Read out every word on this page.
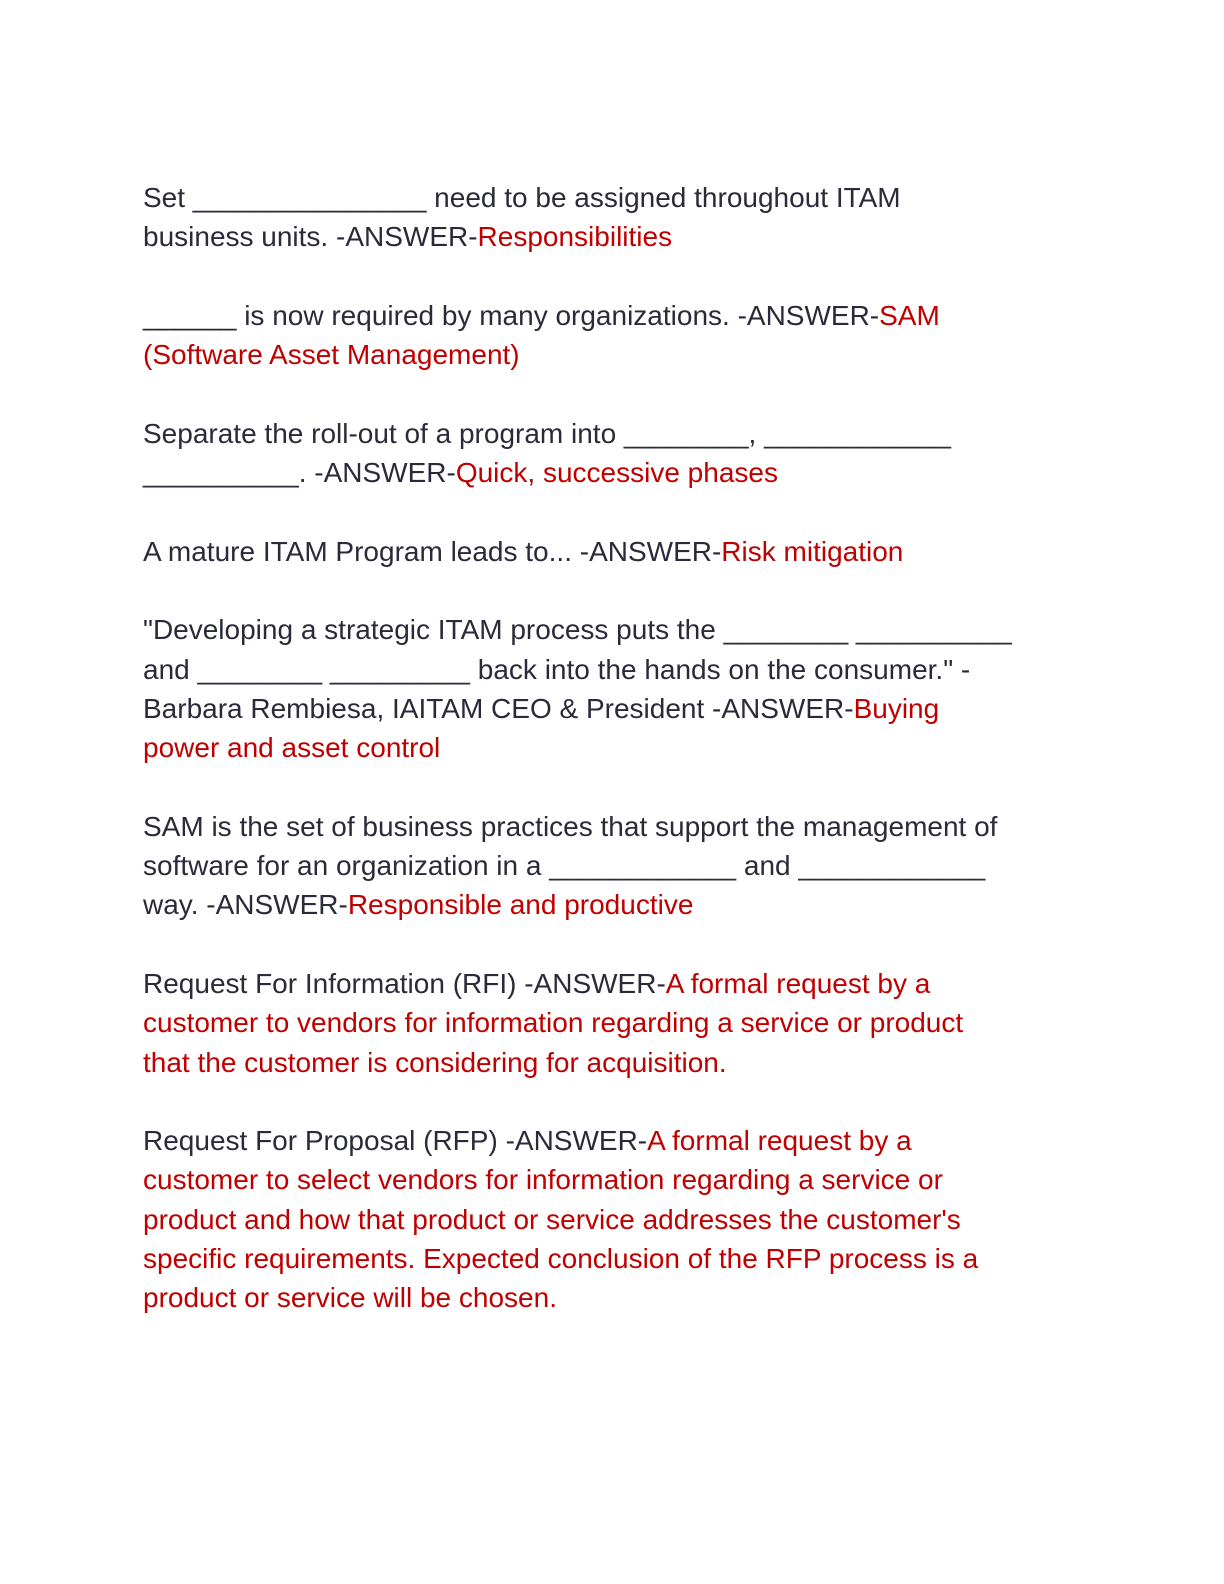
Set _______________ need to be assigned throughout ITAM
business units. -ANSWER-Responsibilities

______ is now required by many organizations. -ANSWER-SAM
(Software Asset Management)

Separate the roll-out of a program into ________, ____________
__________. -ANSWER-Quick, successive phases

A mature ITAM Program leads to... -ANSWER-Risk mitigation

"Developing a strategic ITAM process puts the ________ __________
and ________ _________ back into the hands on the consumer." -
Barbara Rembiesa, IAITAM CEO & President -ANSWER-Buying
power and asset control

SAM is the set of business practices that support the management of
software for an organization in a ____________ and ____________
way. -ANSWER-Responsible and productive

Request For Information (RFI) -ANSWER-A formal request by a
customer to vendors for information regarding a service or product
that the customer is considering for acquisition.

Request For Proposal (RFP) -ANSWER-A formal request by a
customer to select vendors for information regarding a service or
product and how that product or service addresses the customer's
specific requirements. Expected conclusion of the RFP process is a
product or service will be chosen.
